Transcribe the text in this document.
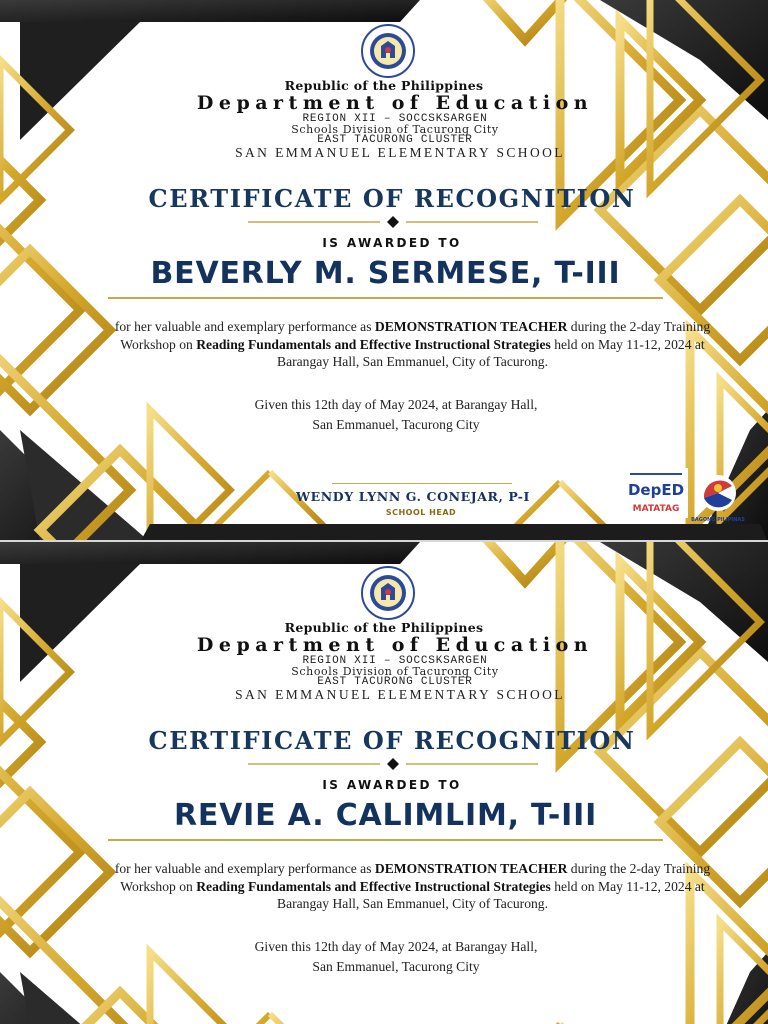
Republic of the Philippines
Department of Education
REGION XII – SOCCSKSARGEN
Schools Division of Tacurong City
EAST TACURONG CLUSTER
SAN EMMANUEL ELEMENTARY SCHOOL
CERTIFICATE OF RECOGNITION
IS AWARDED TO
BEVERLY M. SERMESE, T-III
for her valuable and exemplary performance as DEMONSTRATION TEACHER during the 2-day Training Workshop on Reading Fundamentals and Effective Instructional Strategies held on May 11-12, 2024 at Barangay Hall, San Emmanuel, City of Tacurong.
Given this 12th day of May 2024, at Barangay Hall,
San Emmanuel, Tacurong City
WENDY LYNN G. CONEJAR, P-I
SCHOOL HEAD
DepED
MATATAG
BAGONG PILIPINAS
Republic of the Philippines
Department of Education
REGION XII – SOCCSKSARGEN
Schools Division of Tacurong City
EAST TACURONG CLUSTER
SAN EMMANUEL ELEMENTARY SCHOOL
CERTIFICATE OF RECOGNITION
IS AWARDED TO
REVIE A. CALIMLIM, T-III
for her valuable and exemplary performance as DEMONSTRATION TEACHER during the 2-day Training Workshop on Reading Fundamentals and Effective Instructional Strategies held on May 11-12, 2024 at Barangay Hall, San Emmanuel, City of Tacurong.
Given this 12th day of May 2024, at Barangay Hall,
San Emmanuel, Tacurong City
